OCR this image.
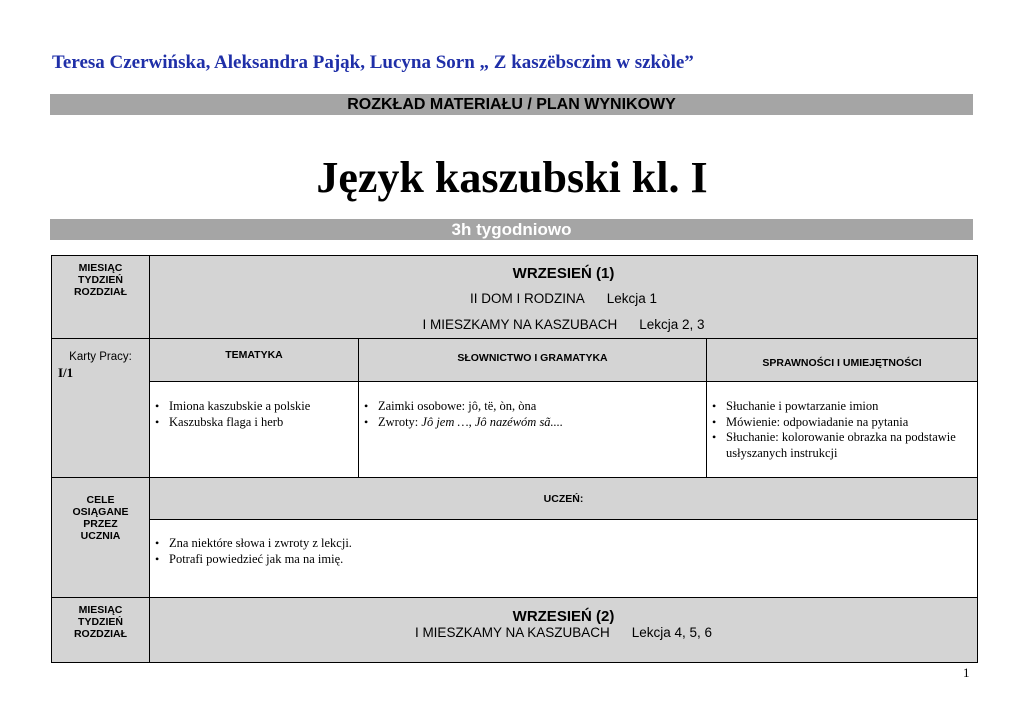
Teresa Czerwińska, Aleksandra Pająk, Lucyna Sorn „ Z kaszëbsczim w szkòle”
ROZKŁAD MATERIAŁU / PLAN WYNIKOWY
Język kaszubski kl. I
3h tygodniowo
MIESIĄC
TYDZIEŃ
ROZDZIAŁ
WRZESIEŃ (1)
II DOM I RODZINA Lekcja 1
I MIESZKAMY NA KASZUBACH Lekcja 2, 3
Karty Pracy:
I/1
TEMATYKA	SŁOWNICTWO I GRAMATYKA	SPRAWNOŚCI I UMIEJĘTNOŚCI
• Imiona kaszubskie a polskie
• Kaszubska flaga i herb
• Zaimki osobowe: jô, të, òn, òna
• Zwroty: Jô jem …, Jô nazéwóm sã....
• Słuchanie i powtarzanie imion
• Mówienie: odpowiadanie na pytania
• Słuchanie: kolorowanie obrazka na podstawie usłyszanych instrukcji
CELE
OSIĄGANE
PRZEZ
UCZNIA
UCZEŃ:
• Zna niektóre słowa i zwroty z lekcji.
• Potrafi powiedzieć jak ma na imię.
MIESIĄC
TYDZIEŃ
ROZDZIAŁ
WRZESIEŃ (2)
I MIESZKAMY NA KASZUBACH Lekcja 4, 5, 6
1
